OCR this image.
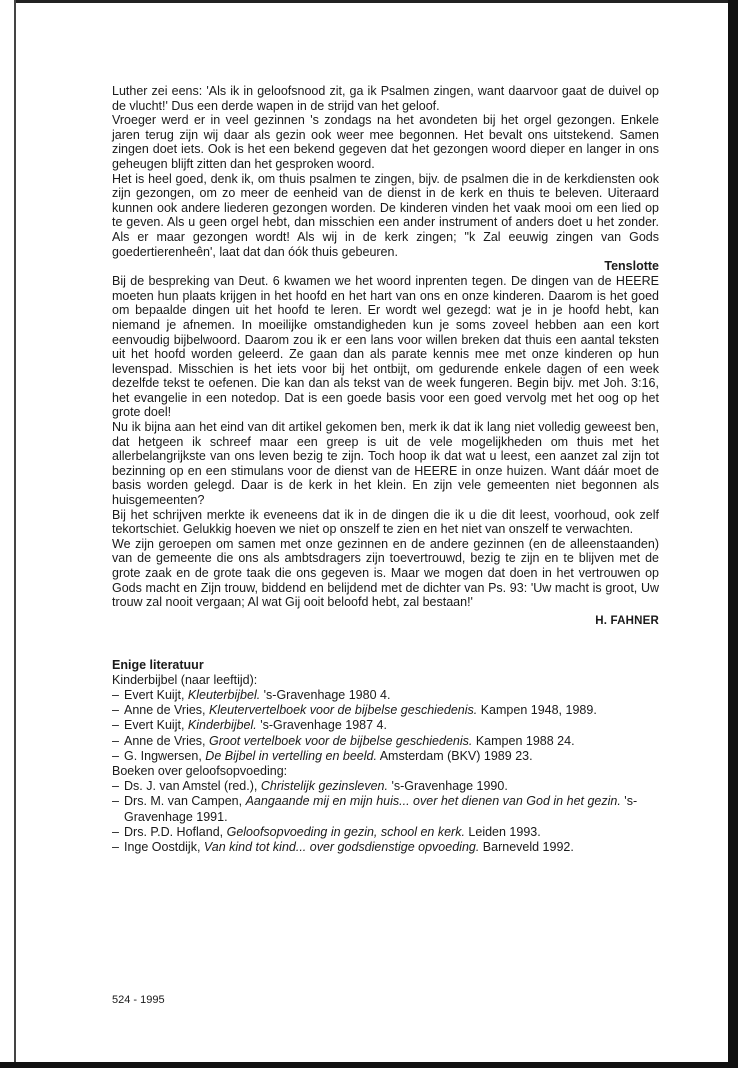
Luther zei eens: 'Als ik in geloofsnood zit, ga ik Psalmen zingen, want daarvoor gaat de duivel op de vlucht!' Dus een derde wapen in de strijd van het geloof.

Vroeger werd er in veel gezinnen 's zondags na het avondeten bij het orgel gezongen. Enkele jaren terug zijn wij daar als gezin ook weer mee begonnen. Het bevalt ons uitstekend. Samen zingen doet iets. Ook is het een bekend gegeven dat het gezongen woord dieper en langer in ons geheugen blijft zitten dan het gesproken woord.

Het is heel goed, denk ik, om thuis psalmen te zingen, bijv. de psalmen die in de kerkdiensten ook zijn gezongen, om zo meer de eenheid van de dienst in de kerk en thuis te beleven. Uiteraard kunnen ook andere liederen gezongen worden. De kinderen vinden het vaak mooi om een lied op te geven. Als u geen orgel hebt, dan misschien een ander instrument of anders doet u het zonder. Als er maar gezongen wordt! Als wij in de kerk zingen; "k Zal eeuwig zingen van Gods goedertierenheên', laat dat dan óók thuis gebeuren.

Tenslotte

Bij de bespreking van Deut. 6 kwamen we het woord inprenten tegen. De dingen van de HEERE moeten hun plaats krijgen in het hoofd en het hart van ons en onze kinderen. Daarom is het goed om bepaalde dingen uit het hoofd te leren. Er wordt wel gezegd: wat je in je hoofd hebt, kan niemand je afnemen. In moeilijke omstandigheden kun je soms zoveel hebben aan een kort eenvoudig bijbelwoord. Daarom zou ik er een lans voor willen breken dat thuis een aantal teksten uit het hoofd worden geleerd. Ze gaan dan als parate kennis mee met onze kinderen op hun levenspad. Misschien is het iets voor bij het ontbijt, om gedurende enkele dagen of een week dezelfde tekst te oefenen. Die kan dan als tekst van de week fungeren. Begin bijv. met Joh. 3:16, het evangelie in een notedop. Dat is een goede basis voor een goed vervolg met het oog op het grote doel!

Nu ik bijna aan het eind van dit artikel gekomen ben, merk ik dat ik lang niet volledig geweest ben, dat hetgeen ik schreef maar een greep is uit de vele mogelijkheden om thuis met het allerbelangrijkste van ons leven bezig te zijn. Toch hoop ik dat wat u leest, een aanzet zal zijn tot bezinning op en een stimulans voor de dienst van de HEERE in onze huizen. Want dáár moet de basis worden gelegd. Daar is de kerk in het klein. En zijn vele gemeenten niet begonnen als huisgemeenten?

Bij het schrijven merkte ik eveneens dat ik in de dingen die ik u die dit leest, voorhoud, ook zelf tekortschiet. Gelukkig hoeven we niet op onszelf te zien en het niet van onszelf te verwachten.

We zijn geroepen om samen met onze gezinnen en de andere gezinnen (en de alleenstaanden) van de gemeente die ons als ambtsdragers zijn toevertrouwd, bezig te zijn en te blijven met de grote zaak en de grote taak die ons gegeven is. Maar we mogen dat doen in het vertrouwen op Gods macht en Zijn trouw, biddend en belijdend met de dichter van Ps. 93: 'Uw macht is groot, Uw trouw zal nooit vergaan; Al wat Gij ooit beloofd hebt, zal bestaan!'

H. FAHNER

Enige literatuur

Kinderbijbel (naar leeftijd):

– Evert Kuijt, Kleuterbijbel. 's-Gravenhage 1980 4.
– Anne de Vries, Kleutervertelboek voor de bijbelse geschiedenis. Kampen 1948, 1989.
– Evert Kuijt, Kinderbijbel. 's-Gravenhage 1987 4.
– Anne de Vries, Groot vertelboek voor de bijbelse geschiedenis. Kampen 1988 24.
– G. Ingwersen, De Bijbel in vertelling en beeld. Amsterdam (BKV) 1989 23.

Boeken over geloofsopvoeding:

– Ds. J. van Amstel (red.), Christelijk gezinsleven. 's-Gravenhage 1990.
– Drs. M. van Campen, Aangaande mij en mijn huis... over het dienen van God in het gezin. 's-Gravenhage 1991.
– Drs. P.D. Hofland, Geloofsopvoeding in gezin, school en kerk. Leiden 1993.
– Inge Oostdijk, Van kind tot kind... over godsdienstige opvoeding. Barneveld 1992.
524 - 1995
